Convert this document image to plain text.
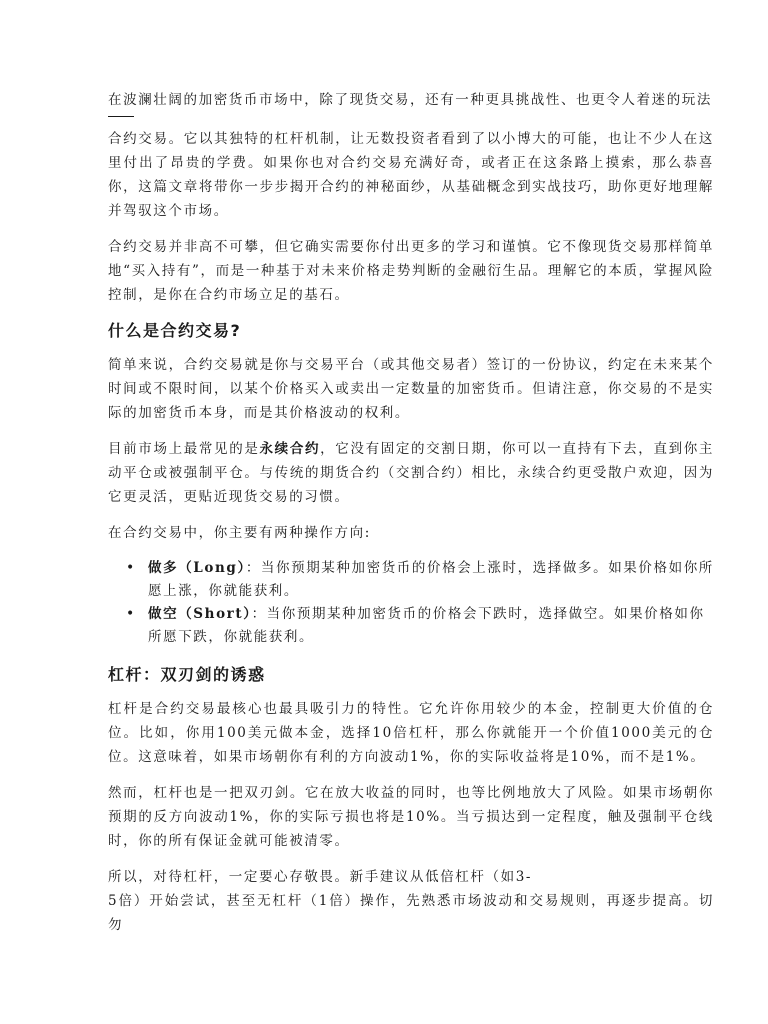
在波澜壮阔的加密货币市场中，除了现货交易，还有一种更具挑战性、也更令人着迷的玩法

合约交易。它以其独特的杠杆机制，让无数投资者看到了以小博大的可能，也让不少人在这里付出了昂贵的学费。如果你也对合约交易充满好奇，或者正在这条路上摸索，那么恭喜你，这篇文章将带你一步步揭开合约的神秘面纱，从基础概念到实战技巧，助你更好地理解并驾驭这个市场。

合约交易并非高不可攀，但它确实需要你付出更多的学习和谨慎。它不像现货交易那样简单地“买入持有”，而是一种基于对未来价格走势判断的金融衍生品。理解它的本质，掌握风险控制，是你在合约市场立足的基石。

什么是合约交易?

简单来说，合约交易就是你与交易平台（或其他交易者）签订的一份协议，约定在未来某个时间或不限时间，以某个价格买入或卖出一定数量的加密货币。但请注意，你交易的不是实际的加密货币本身，而是其价格波动的权利。

目前市场上最常见的是永续合约，它没有固定的交割日期，你可以一直持有下去，直到你主动平仓或被强制平仓。与传统的期货合约（交割合约）相比，永续合约更受散户欢迎，因为它更灵活，更贴近现货交易的习惯。

在合约交易中，你主要有两种操作方向:

• 做多（Long）：当你预期某种加密货币的价格会上涨时，选择做多。如果价格如你所愿上涨，你就能获利。
• 做空（Short）：当你预期某种加密货币的价格会下跌时，选择做空。如果价格如你所愿下跌，你就能获利。
杠杆：双刃剑的诱惑

杠杆是合约交易最核心也最具吸引力的特性。它允许你用较少的本金，控制更大价值的仓位。比如，你用100美元做本金，选择10倍杠杆，那么你就能开一个价值1000美元的仓位。这意味着，如果市场朝你有利的方向波动1%，你的实际收益将是10%，而不是1%。

然而，杠杆也是一把双刃剑。它在放大收益的同时，也等比例地放大了风险。如果市场朝你预期的反方向波动1%，你的实际亏损也将是10%。当亏损达到一定程度，触及强制平仓线时，你的所有保证金就可能被清零。

所以，对待杠杆，一定要心存敬畏。新手建议从低倍杠杆（如3-
5倍）开始尝试，甚至无杠杆（1倍）操作，先熟悉市场波动和交易规则，再逐步提高。切勿
